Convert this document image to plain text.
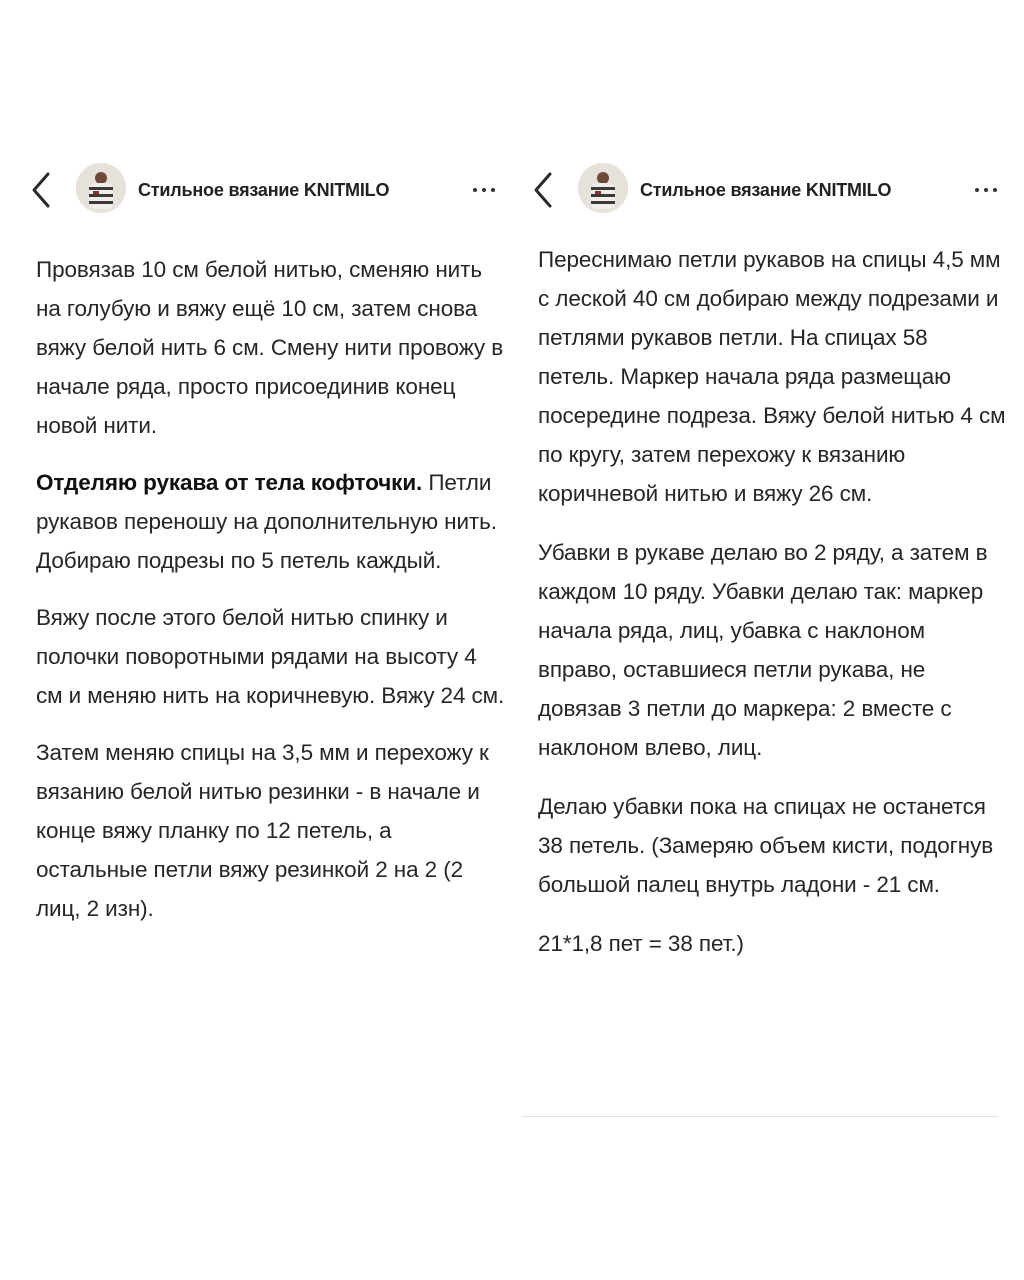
Стильное вязание KNITMILO

Провязав 10 см белой нитью, сменяю нить на голубую и вяжу ещё 10 см, затем снова вяжу белой нить 6 см. Смену нити провожу в начале ряда, просто присоединив конец новой нити.

Отделяю рукава от тела кофточки. Петли рукавов переношу на дополнительную нить. Добираю подрезы по 5 петель каждый.

Вяжу после этого белой нитью спинку и полочки поворотными рядами на высоту 4 см и меняю нить на коричневую. Вяжу 24 см.

Затем меняю спицы на 3,5 мм и перехожу к вязанию белой нитью резинки - в начале и конце вяжу планку по 12 петель, а остальные петли вяжу резинкой 2 на 2 (2 лиц, 2 изн).

Стильное вязание KNITMILO

Переснимаю петли рукавов на спицы 4,5 мм с леской 40 см добираю между подрезами и петлями рукавов петли. На спицах 58 петель. Маркер начала ряда размещаю посередине подреза. Вяжу белой нитью 4 см по кругу, затем перехожу к вязанию коричневой нитью и вяжу 26 см.

Убавки в рукаве делаю во 2 ряду, а затем в каждом 10 ряду. Убавки делаю так: маркер начала ряда, лиц, убавка с наклоном вправо, оставшиеся петли рукава, не довязав 3 петли до маркера: 2 вместе с наклоном влево, лиц.

Делаю убавки пока на спицах не останется 38 петель. (Замеряю объем кисти, подогнув большой палец внутрь ладони - 21 см.

21*1,8 пет = 38 пет.)
